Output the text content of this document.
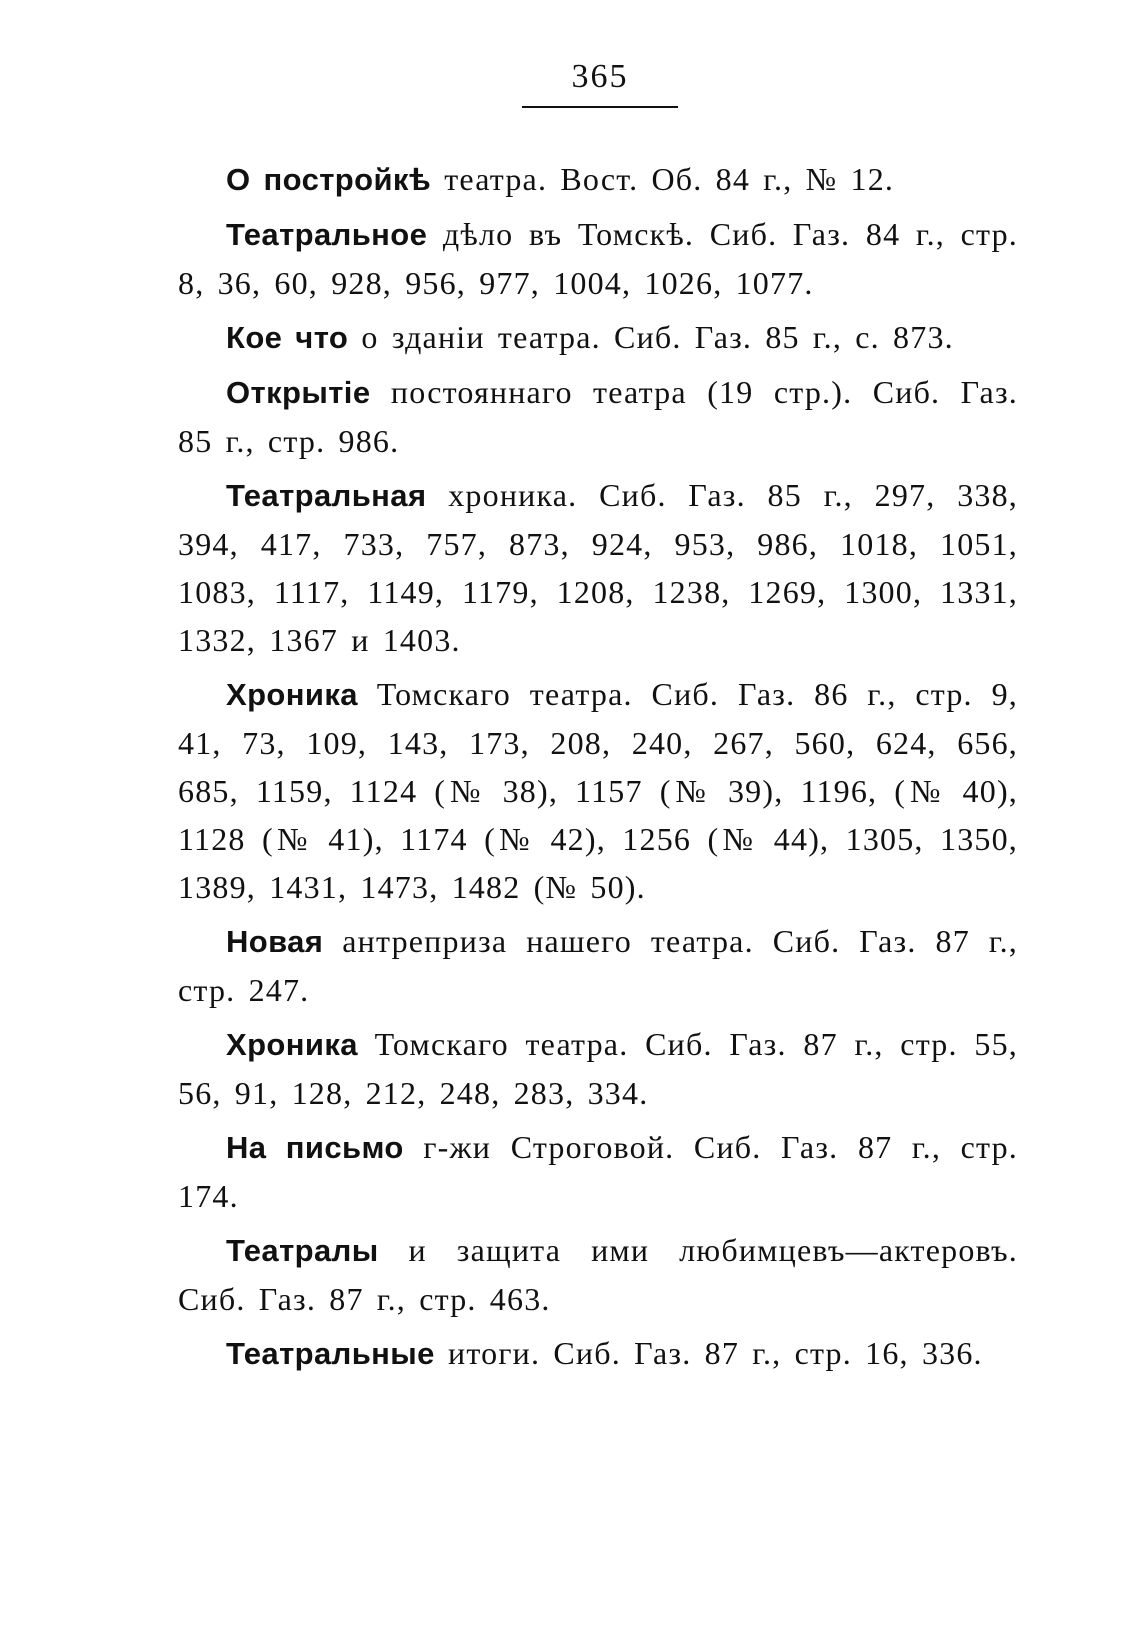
365

О постройкѣ театра. Вост. Об. 84 г., № 12.

Театральное дѣло въ Томскѣ. Сиб. Газ. 84 г., стр. 8, 36, 60, 928, 956, 977, 1004, 1026, 1077.

Кое что о зданіи театра. Сиб. Газ. 85 г., с. 873.

Открытіе постояннаго театра (19 стр.). Сиб. Газ. 85 г., стр. 986.

Театральная хроника. Сиб. Газ. 85 г., 297, 338, 394, 417, 733, 757, 873, 924, 953, 986, 1018, 1051, 1083, 1117, 1149, 1179, 1208, 1238, 1269, 1300, 1331, 1332, 1367 и 1403.

Хроника Томскаго театра. Сиб. Газ. 86 г., стр. 9, 41, 73, 109, 143, 173, 208, 240, 267, 560, 624, 656, 685, 1159, 1124 (№ 38), 1157 (№ 39), 1196, (№ 40), 1128 (№ 41), 1174 (№ 42), 1256 (№ 44), 1305, 1350, 1389, 1431, 1473, 1482 (№ 50).

Новая антреприза нашего театра. Сиб. Газ. 87 г., стр. 247.

Хроника Томскаго театра. Сиб. Газ. 87 г., стр. 55, 56, 91, 128, 212, 248, 283, 334.

На письмо г-жи Строговой. Сиб. Газ. 87 г., стр. 174.

Театралы и защита ими любимцевъ—актеровъ. Сиб. Газ. 87 г., стр. 463.

Театральные итоги. Сиб. Газ. 87 г., стр. 16, 336.
